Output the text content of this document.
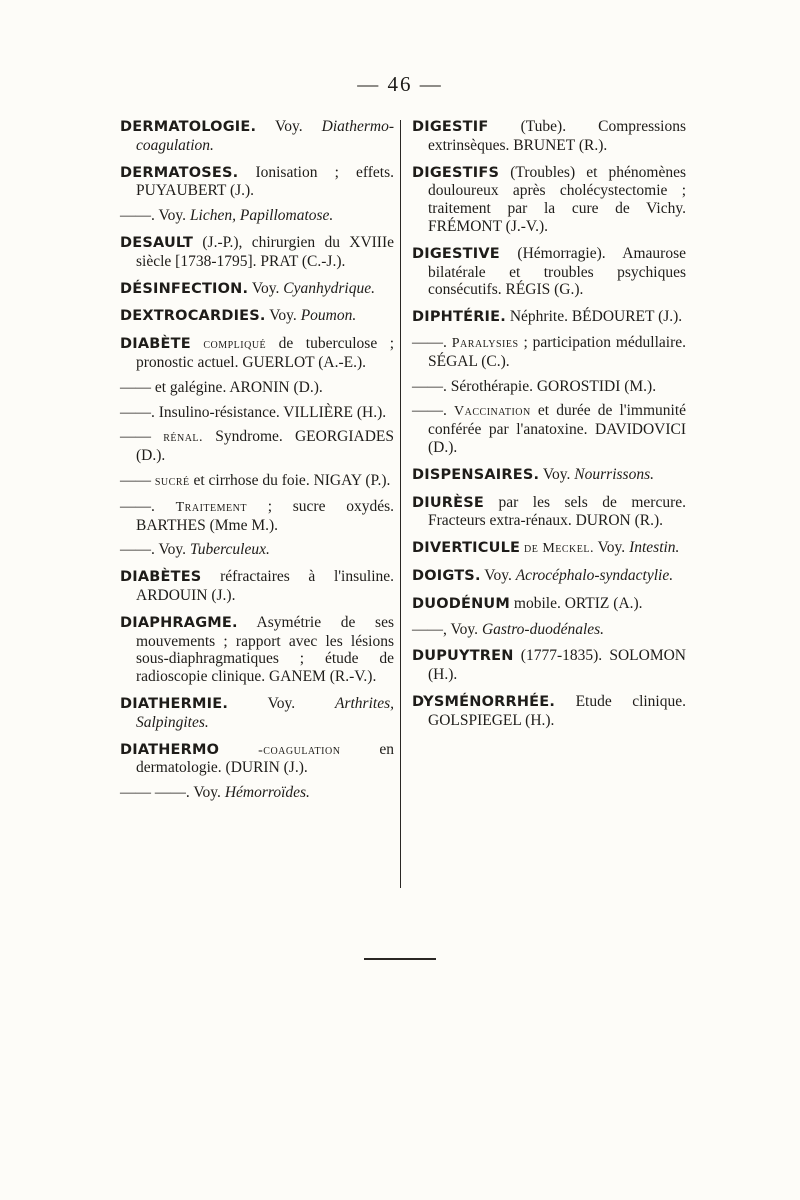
— 46 —
DERMATOLOGIE. Voy. Diathermo-coagulation.
DERMATOSES. Ionisation ; effets. PUYAUBERT (J.).
——. Voy. Lichen, Papillomatose.
DESAULT (J.-P.), chirurgien du XVIIIe siècle [1738-1795]. PRAT (C.-J.).
DÉSINFECTION. Voy. Cyanhydrique.
DEXTROCARDIES. Voy. Poumon.
DIABÈTE compliqué de tuberculose ; pronostic actuel. GUERLOT (A.-E.).
—— et galégine. ARONIN (D.).
——. Insulino-résistance. VILLIÈRE (H.).
—— rénal. Syndrome. GEORGIADES (D.).
—— sucré et cirrhose du foie. NIGAY (P.).
——. Traitement ; sucre oxydés. BARTHES (Mme M.).
——. Voy. Tuberculeux.
DIABÈTES réfractaires à l'insuline. ARDOUIN (J.).
DIAPHRAGME. Asymétrie de ses mouvements ; rapport avec les lésions sous-diaphragmatiques ; étude de radioscopie clinique. GANEM (R.-V.).
DIATHERMIE.	Voy.	Arthrites, Salpingites.
DIATHERMO	-coagulation	en dermatologie. (DURIN (J.).
—— ——. Voy. Hémorroïdes.
DIGESTIF (Tube). Compressions extrinsèques. BRUNET (R.).
DIGESTIFS (Troubles) et phénomènes douloureux après cholécystectomie ; traitement par la cure de Vichy. FRÉMONT (J.-V.).
DIGESTIVE (Hémorragie). Amaurose bilatérale et troubles psychiques consécutifs. RÉGIS (G.).
DIPHTÉRIE. Néphrite. BÉDOURET (J.).
——. Paralysies ; participation médullaire. SÉGAL (C.).
——. Sérothérapie. GOROSTIDI (M.).
——. Vaccination et durée de l'immunité conférée par l'anatoxine. DAVIDOVICI (D.).
DISPENSAIRES. Voy. Nourrissons.
DIURÈSE par les sels de mercure. Fracteurs extra-rénaux. DURON (R.).
DIVERTICULE de Meckel. Voy. Intestin.
DOIGTS. Voy. Acrocéphalo-syndactylie.
DUODÉNUM mobile. ORTIZ (A.).
——, Voy. Gastro-duodénales.
DUPUYTREN (1777-1835). SOLOMON (H.).
DYSMÉNORRHÉE. Etude clinique. GOLSPIEGEL (H.).
